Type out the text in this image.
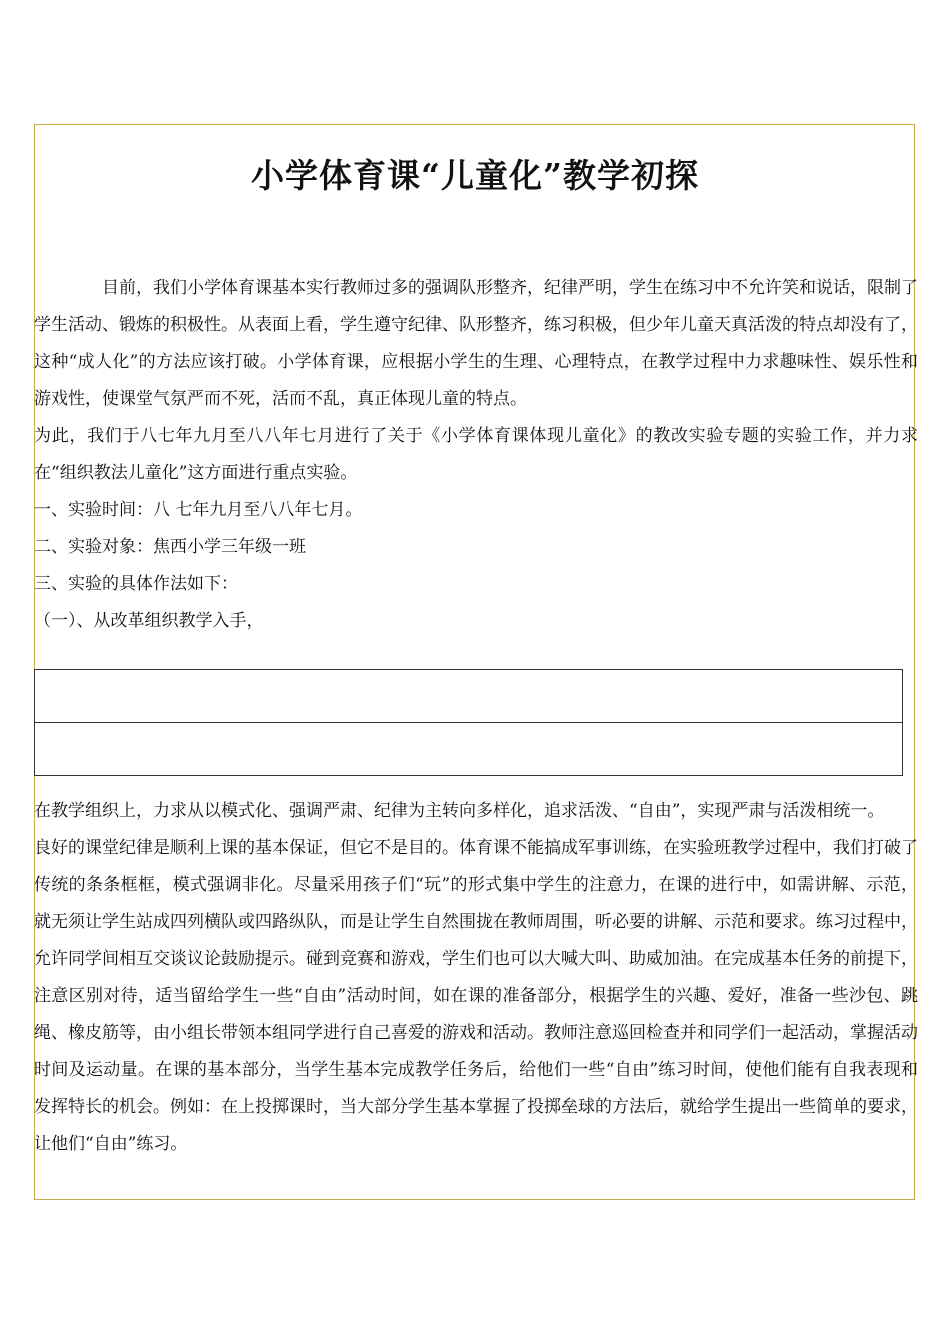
小学体育课“儿童化”教学初探

目前，我们小学体育课基本实行教师过多的强调队形整齐，纪律严明，学生在练习中不允许笑和说话，限制了学生活动、锻炼的积极性。从表面上看，学生遵守纪律、队形整齐，练习积极，但少年儿童天真活泼的特点却没有了，这种“成人化”的方法应该打破。小学体育课，应根据小学生的生理、心理特点，在教学过程中力求趣味性、娱乐性和游戏性，使课堂气氛严而不死，活而不乱，真正体现儿童的特点。

为此，我们于八七年九月至八八年七月进行了关于《小学体育课体现儿童化》的教改实验专题的实验工作，并力求在“组织教法儿童化”这方面进行重点实验。

一、实验时间：八 七年九月至八八年七月。

二、实验对象：焦西小学三年级一班

三、实验的具体作法如下：

（一）、从改革组织教学入手，

在教学组织上，力求从以模式化、强调严肃、纪律为主转向多样化，追求活泼、“自由”，实现严肃与活泼相统一。

良好的课堂纪律是顺利上课的基本保证，但它不是目的。体育课不能搞成军事训练，在实验班教学过程中，我们打破了传统的条条框框，模式强调非化。尽量采用孩子们“玩”的形式集中学生的注意力，在课的进行中，如需讲解、示范，就无须让学生站成四列横队或四路纵队，而是让学生自然围拢在教师周围，听必要的讲解、示范和要求。练习过程中，允许同学间相互交谈议论鼓励提示。碰到竞赛和游戏，学生们也可以大喊大叫、助威加油。在完成基本任务的前提下，注意区别对待，适当留给学生一些“自由”活动时间，如在课的准备部分，根据学生的兴趣、爱好，准备一些沙包、跳绳、橡皮筋等，由小组长带领本组同学进行自己喜爱的游戏和活动。教师注意巡回检查并和同学们一起活动，掌握活动时间及运动量。在课的基本部分，当学生基本完成教学任务后，给他们一些“自由”练习时间，使他们能有自我表现和发挥特长的机会。例如：在上投掷课时，当大部分学生基本掌握了投掷垒球的方法后，就给学生提出一些简单的要求，让他们“自由”练习。
